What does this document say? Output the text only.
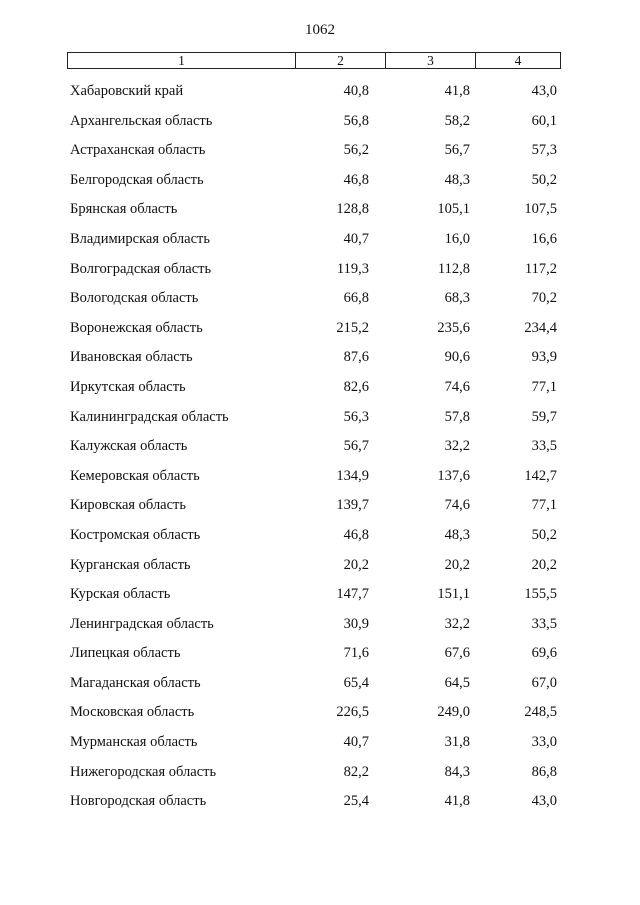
1062
1	2	3	4
Хабаровский край	40,8	41,8	43,0
Архангельская область	56,8	58,2	60,1
Астраханская область	56,2	56,7	57,3
Белгородская область	46,8	48,3	50,2
Брянская область	128,8	105,1	107,5
Владимирская область	40,7	16,0	16,6
Волгоградская область	119,3	112,8	117,2
Вологодская область	66,8	68,3	70,2
Воронежская область	215,2	235,6	234,4
Ивановская область	87,6	90,6	93,9
Иркутская область	82,6	74,6	77,1
Калининградская область	56,3	57,8	59,7
Калужская область	56,7	32,2	33,5
Кемеровская область	134,9	137,6	142,7
Кировская область	139,7	74,6	77,1
Костромская область	46,8	48,3	50,2
Курганская область	20,2	20,2	20,2
Курская область	147,7	151,1	155,5
Ленинградская область	30,9	32,2	33,5
Липецкая область	71,6	67,6	69,6
Магаданская область	65,4	64,5	67,0
Московская область	226,5	249,0	248,5
Мурманская область	40,7	31,8	33,0
Нижегородская область	82,2	84,3	86,8
Новгородская область	25,4	41,8	43,0
